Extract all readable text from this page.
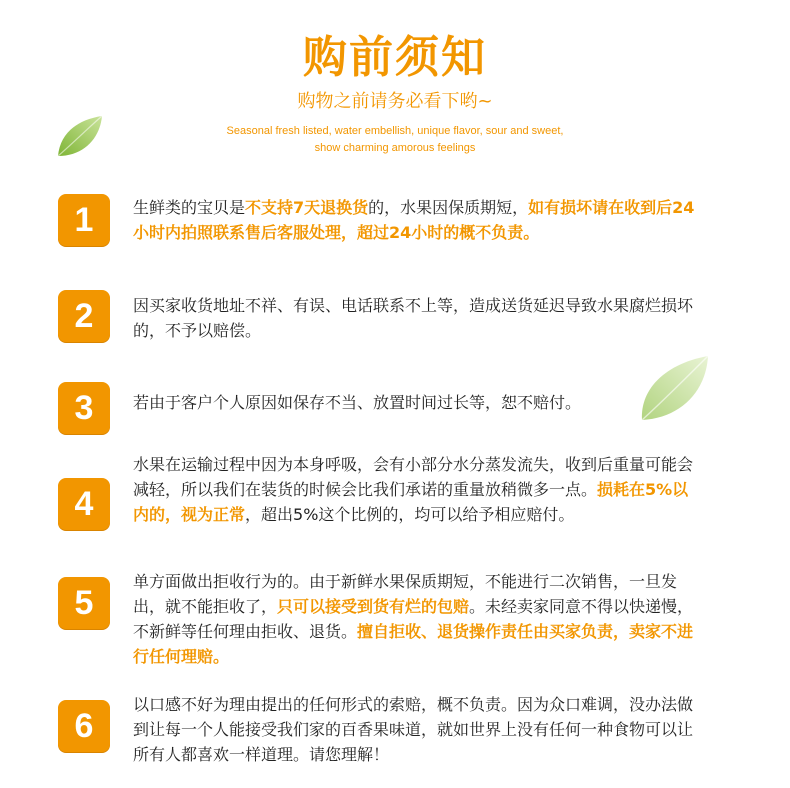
购前须知
购物之前请务必看下哟~
Seasonal fresh listed, water embellish, unique flavor, sour and sweet,
show charming amorous feelings
1	生鲜类的宝贝是不支持7天退换货的，水果因保质期短，如有损坏请在收到后24小时内拍照联系售后客服处理，超过24小时的概不负责。
2	因买家收货地址不祥、有误、电话联系不上等，造成送货延迟导致水果腐烂损坏的，不予以赔偿。
3	若由于客户个人原因如保存不当、放置时间过长等，恕不赔付。
4
水果在运输过程中因为本身呼吸，会有小部分水分蒸发流失，收到后重量可能会减轻，所以我们在装货的时候会比我们承诺的重量放稍微多一点。损耗在5%以内的，视为正常，超出5%这个比例的，均可以给予相应赔付。
5
单方面做出拒收行为的。由于新鲜水果保质期短，不能进行二次销售，一旦发出，就不能拒收了，只可以接受到货有烂的包赔。未经卖家同意不得以快递慢，不新鲜等任何理由拒收、退货。擅自拒收、退货操作责任由买家负责，卖家不进行任何理赔。
6
以口感不好为理由提出的任何形式的索赔，概不负责。因为众口难调，没办法做到让每一个人能接受我们家的百香果味道，就如世界上没有任何一种食物可以让所有人都喜欢一样道理。请您理解！
